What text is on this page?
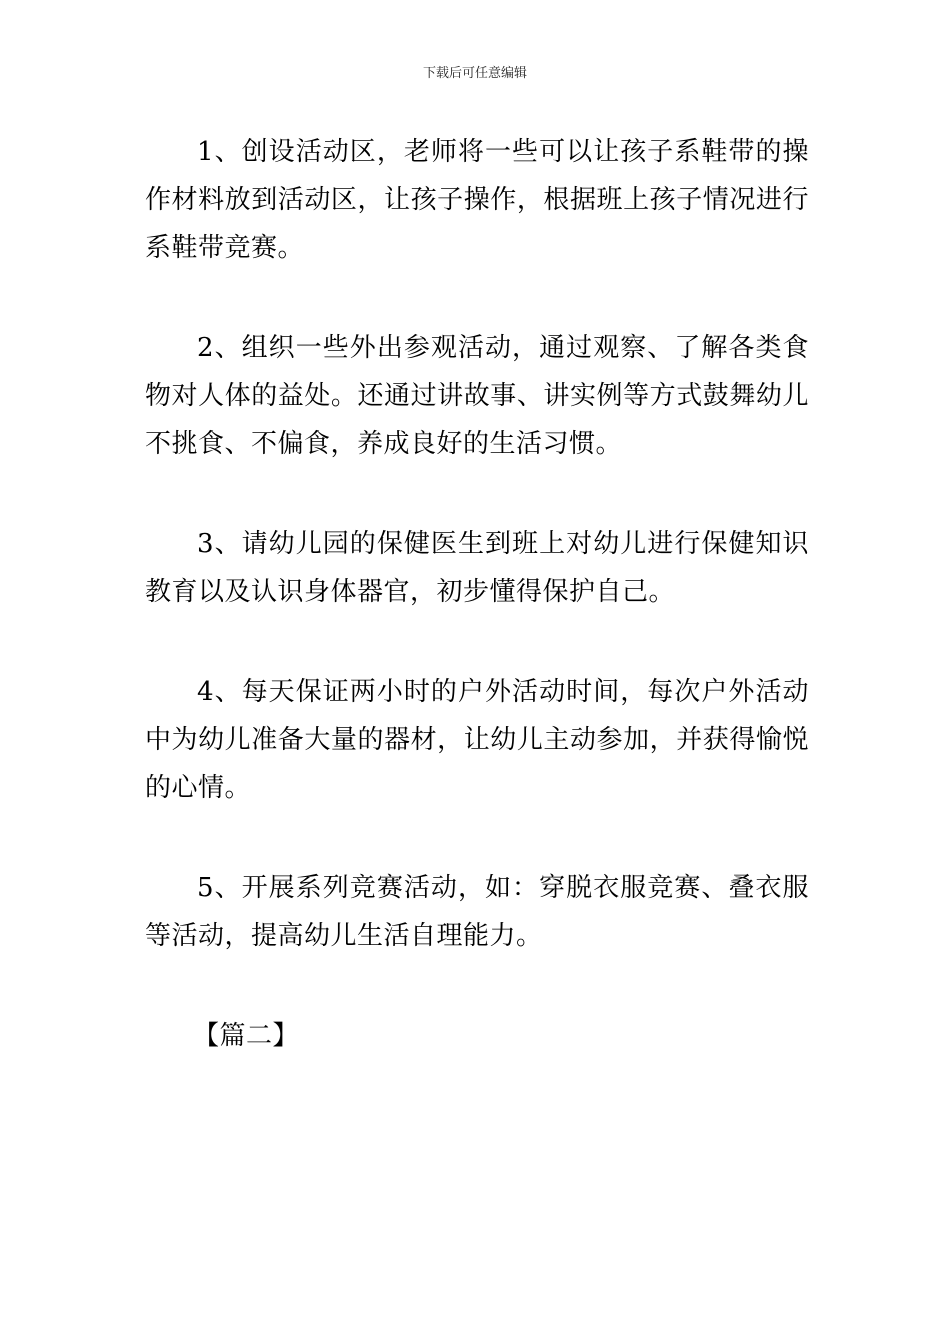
下载后可任意编辑

1、创设活动区，老师将一些可以让孩子系鞋带的操作材料放到活动区，让孩子操作，根据班上孩子情况进行系鞋带竞赛。

2、组织一些外出参观活动，通过观察、了解各类食物对人体的益处。还通过讲故事、讲实例等方式鼓舞幼儿不挑食、不偏食，养成良好的生活习惯。

3、请幼儿园的保健医生到班上对幼儿进行保健知识教育以及认识身体器官，初步懂得保护自己。

4、每天保证两小时的户外活动时间，每次户外活动中为幼儿准备大量的器材，让幼儿主动参加，并获得愉悦的心情。

5、开展系列竞赛活动，如：穿脱衣服竞赛、叠衣服等活动，提高幼儿生活自理能力。

【篇二】
